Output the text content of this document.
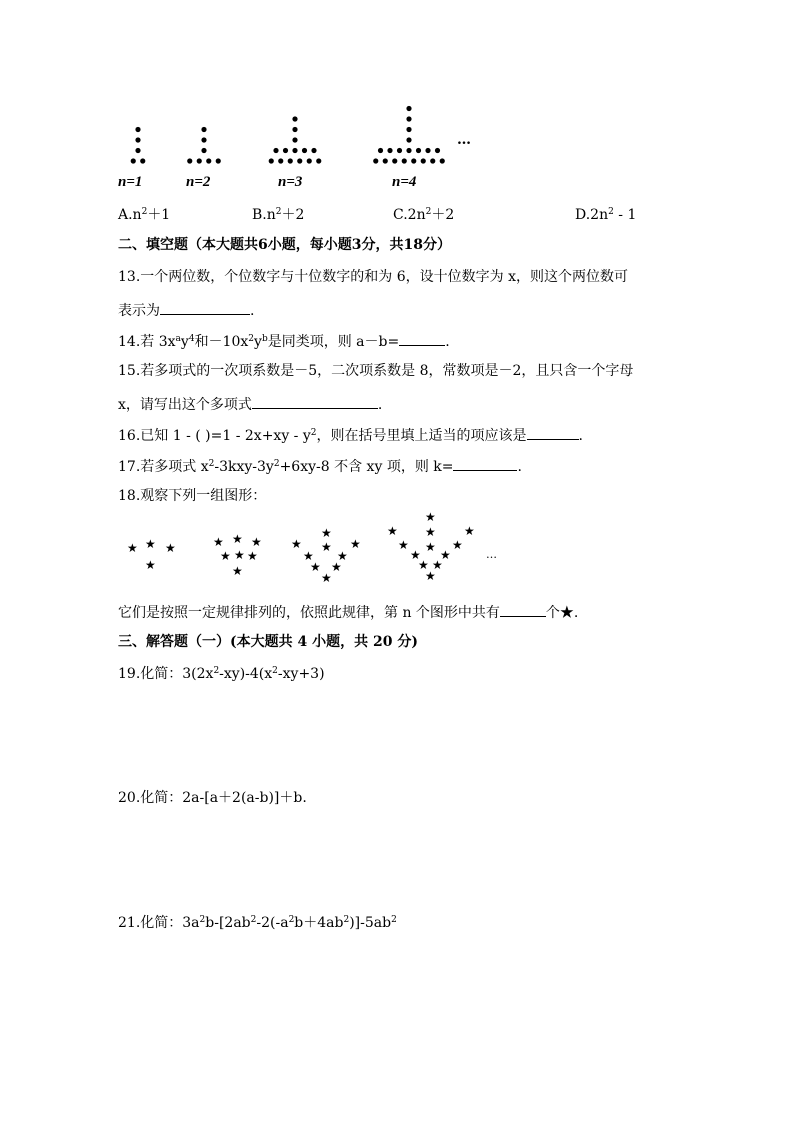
n=1	n=2	n=3	n=4
…
$A.n^2+1$	$B.n^2+2$	$C.2n^2+2$	$D.2n^2 - 1$
二、填空题（本大题共6小题，每小题3分，共18分）
13.一个两位数，个位数字与十位数字的和为 6，设十位数字为 x，则这个两位数可
表示为	.
14.若 $3x^ay^4$和$-10x^2y^b$是同类项，则 a－b=	.
15.若多项式的一次项系数是－5，二次项系数是 8，常数项是－2，且只含一个字母
x，请写出这个多项式	.
16.已知 1 - ( )$=1 - 2x+xy - y^2$，则在括号里填上适当的项应该是	.
17.若多项式 $x^2-3kxy-3y^2+6xy-8$ 不含 xy 项，则 k=	.
18.观察下列一组图形：
★ ★ ★
★
★ ★ ★
★ ★ ★
★
★
★
★
★
★
★
★ ★
★
★
★
★
★
★
★
★
★
★
★ ★
★
…
它们是按照一定规律排列的，依照此规律，第 n 个图形中共有	个★.
三、解答题（一）(本大题共 4 小题，共 20 分)
19.化简：$3(2x^2-xy)-4(x^2-xy+3)$
20.化简：2a-[a＋2(a-b)]＋b.
21.化简：$3a^2b-[2ab^2-2(-a^2b+4ab^2)]-5ab^2$
